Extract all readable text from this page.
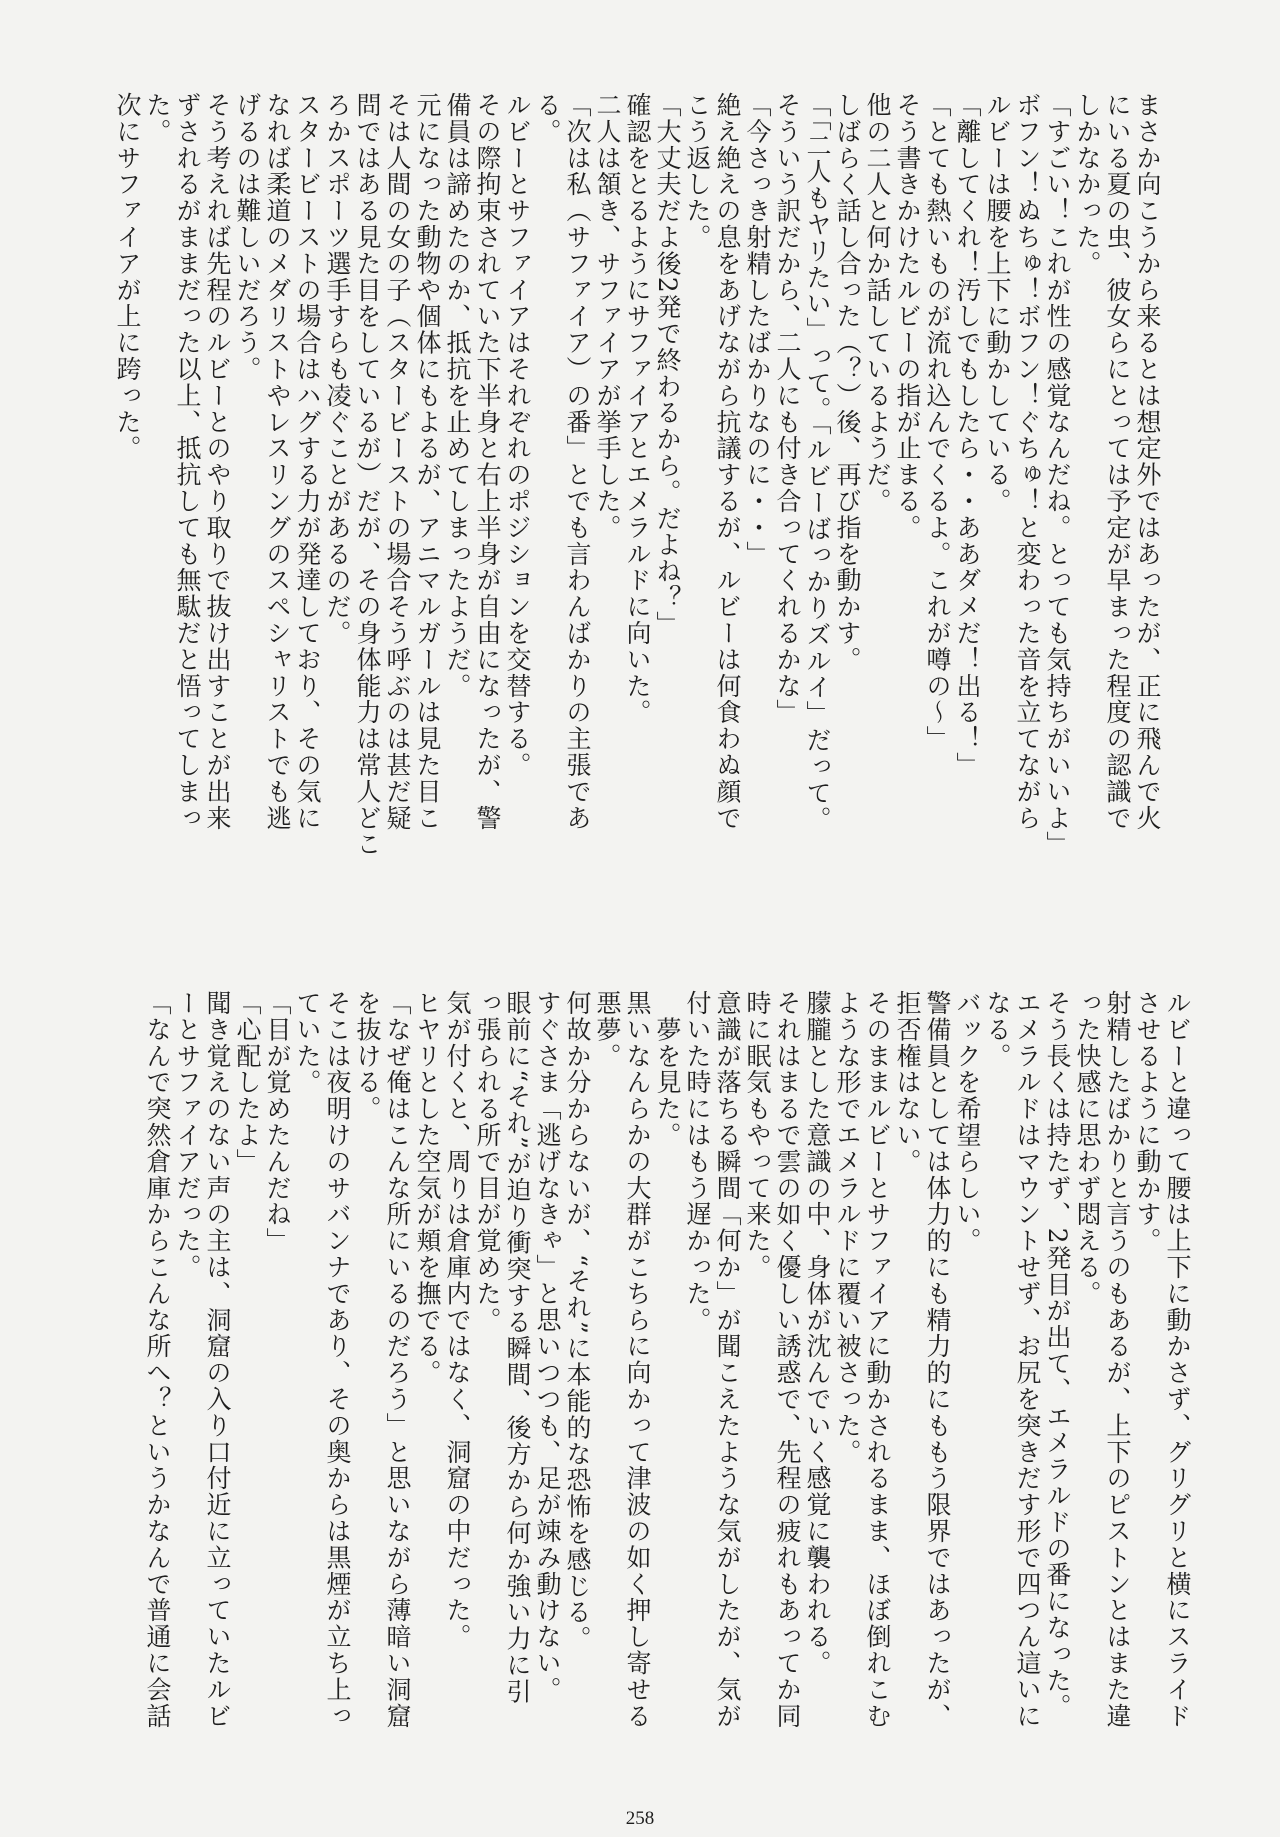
まさか向こうから来るとは想定外ではあったが、正に飛んで火
にいる夏の虫、彼女らにとっては予定が早まった程度の認識で
しかなかった。
「すごい！これが性の感覚なんだね。とっても気持ちがいいよ」
ボフン！ぬちゅ！ボフン！ぐちゅ！と変わった音を立てながら
ルビーは腰を上下に動かしている。
「離してくれ！汚しでもしたら・・ああダメだ！出る！」
「とても熱いものが流れ込んでくるよ。これが噂の〜」
そう書きかけたルビーの指が止まる。
他の二人と何か話しているようだ。
しばらく話し合った（？）後、再び指を動かす。
「「二人もヤリたい」って。「ルビーばっかりズルイ」だって。
そういう訳だから、二人にも付き合ってくれるかな」
「今さっき射精したばかりなのに・・」
絶え絶えの息をあげながら抗議するが、ルビーは何食わぬ顔で
こう返した。
「大丈夫だよ後2発で終わるから。だよね？」
確認をとるようにサファイアとエメラルドに向いた。
二人は頷き、サファイアが挙手した。
「次は私（サファイア）の番」とでも言わんばかりの主張であ
る。
ルビーとサファイアはそれぞれのポジションを交替する。
その際拘束されていた下半身と右上半身が自由になったが、警
備員は諦めたのか、抵抗を止めてしまったようだ。
元になった動物や個体にもよるが、アニマルガールは見た目こ
そは人間の女の子（スタービーストの場合そう呼ぶのは甚だ疑
問ではある見た目をしているが）だが、その身体能力は常人どこ
ろかスポーツ選手すらも凌ぐことがあるのだ。
スタービーストの場合はハグする力が発達しており、その気に
なれば柔道のメダリストやレスリングのスペシャリストでも逃
げるのは難しいだろう。
そう考えれば先程のルビーとのやり取りで抜け出すことが出来
ずされるがままだった以上、抵抗しても無駄だと悟ってしまっ
た。
次にサファイアが上に跨った。
ルビーと違って腰は上下に動かさず、グリグリと横にスライド
させるように動かす。
射精したばかりと言うのもあるが、上下のピストンとはまた違
った快感に思わず悶える。
そう長くは持たず、2発目が出て、エメラルドの番になった。
エメラルドはマウントせず、お尻を突きだす形で四つん這いに
なる。
バックを希望らしい。
警備員としては体力的にも精力的にももう限界ではあったが、
拒否権はない。
そのままルビーとサファイアに動かされるまま、ほぼ倒れこむ
ような形でエメラルドに覆い被さった。
朦朧とした意識の中、身体が沈んでいく感覚に襲われる。
それはまるで雲の如く優しい誘惑で、先程の疲れもあってか同
時に眠気もやって来た。
意識が落ちる瞬間「何か」が聞こえたような気がしたが、気が
付いた時にはもう遅かった。
　夢を見た。
黒いなんらかの大群がこちらに向かって津波の如く押し寄せる
悪夢。
何故か分からないが、“それ”に本能的な恐怖を感じる。
すぐさま「逃げなきゃ」と思いつつも、足が竦み動けない。
眼前に“それ”が迫り衝突する瞬間、後方から何か強い力に引
っ張られる所で目が覚めた。
気が付くと、周りは倉庫内ではなく、洞窟の中だった。
ヒヤリとした空気が頬を撫でる。
「なぜ俺はこんな所にいるのだろう」と思いながら薄暗い洞窟
を抜ける。
そこは夜明けのサバンナであり、その奥からは黒煙が立ち上っ
ていた。
「目が覚めたんだね」
「心配したよ」
聞き覚えのない声の主は、洞窟の入り口付近に立っていたルビ
ーとサファイアだった。
「なんで突然倉庫からこんな所へ？というかなんで普通に会話
258
